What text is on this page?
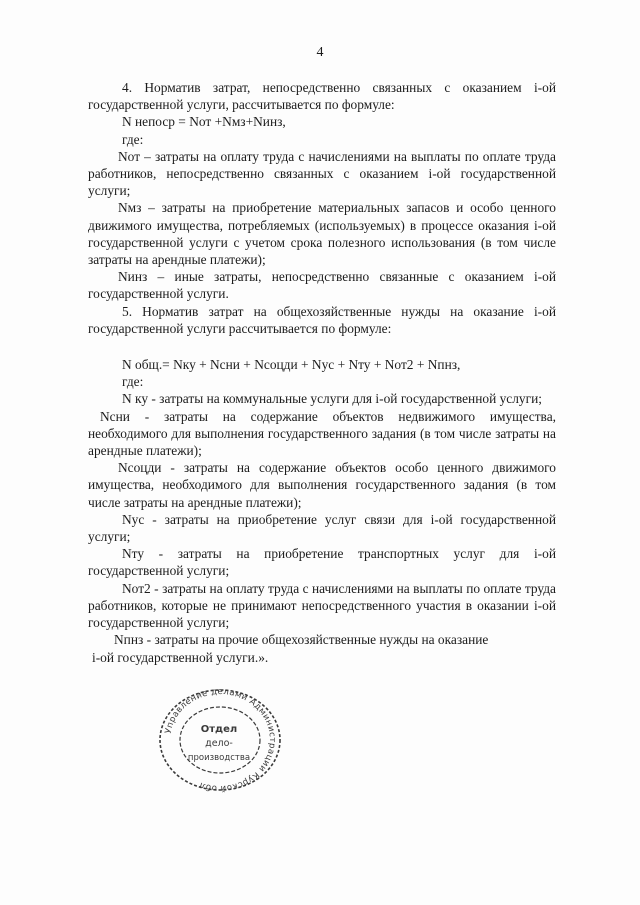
4

4. Норматив затрат, непосредственно связанных с оказанием i-ой государственной услуги, рассчитывается по формуле:

N непоср = Nот +Nмз+Nинз,

где:

Nот – затраты на оплату труда с начислениями на выплаты по оплате труда работников, непосредственно связанных с оказанием i-ой государственной услуги;

Nмз – затраты на приобретение материальных запасов и особо ценного движимого имущества, потребляемых (используемых) в процессе оказания i-ой государственной услуги с учетом срока полезного использования (в том числе затраты на арендные платежи);

Nинз – иные затраты, непосредственно связанные с оказанием i-ой государственной услуги.

5. Норматив затрат на общехозяйственные нужды на оказание i-ой государственной услуги рассчитывается по формуле:

N общ.= Nку + Nсни + Nсоцди + Nус + Nту + Nот2 + Nпнз,

где:

N ку - затраты на коммунальные услуги для i-ой государственной услуги;

Nсни - затраты на содержание объектов недвижимого имущества, необходимого для выполнения государственного задания (в том числе затраты на арендные платежи);

Nсоцди - затраты на содержание объектов особо ценного движимого имущества, необходимого для выполнения государственного задания (в том числе затраты на арендные платежи);

Nус - затраты на приобретение услуг связи для i-ой государственной услуги;

Nту - затраты на приобретение транспортных услуг для i-ой государственной услуги;

Nот2 - затраты на оплату труда с начислениями на выплаты по оплате труда работников, которые не принимают непосредственного участия в оказании i-ой государственной услуги;

Nпнз - затраты на прочие общехозяйственные нужды на оказание

i-ой государственной услуги.».

Управление делами Администрации Курской обл
Отдел
дело-
производства
